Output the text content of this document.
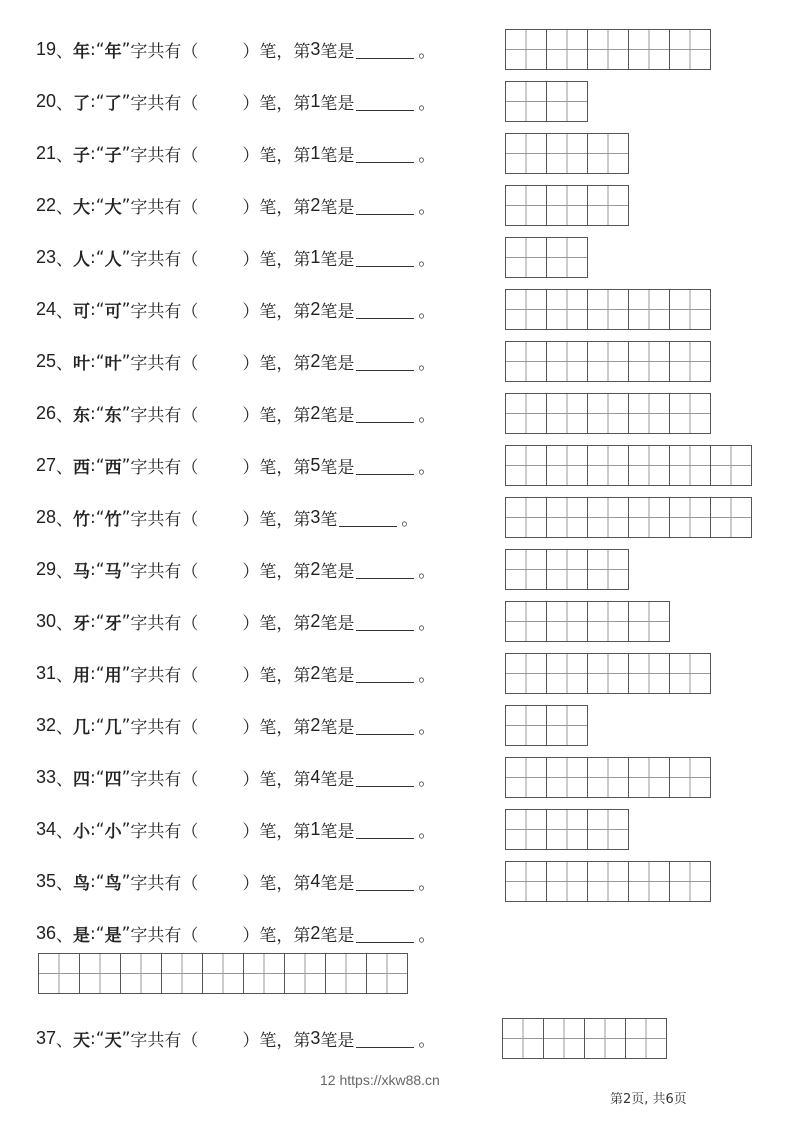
19 、 年 : “ 年 ” 字共有（	）笔，第 3 笔是	。
20 、 了 : “ 了 ” 字共有（	）笔，第 1 笔是	。
21 、 子 : “ 子 ” 字共有（	）笔，第 1 笔是	。
22 、 大 : “ 大 ” 字共有（	）笔，第 2 笔是	。
23 、 人 : “ 人 ” 字共有（	）笔，第 1 笔是	。
24 、 可 : “ 可 ” 字共有（	）笔，第 2 笔是	。
25 、 叶 : “ 叶 ” 字共有（	）笔，第 2 笔是	。
26 、 东 : “ 东 ” 字共有（	）笔，第 2 笔是	。
27 、 西 : “ 西 ” 字共有（	）笔，第 5 笔是	。
28 、 竹 : “ 竹 ” 字共有（	）笔，第 3 笔	。
29 、 马 : “ 马 ” 字共有（	）笔，第 2 笔是	。
30 、 牙 : “ 牙 ” 字共有（	）笔，第 2 笔是	。
31 、 用 : “ 用 ” 字共有（	）笔，第 2 笔是	。
32 、 几 : “ 几 ” 字共有（	）笔，第 2 笔是	。
33 、 四 : “ 四 ” 字共有（	）笔，第 4 笔是	。
34 、 小 : “ 小 ” 字共有（	）笔，第 1 笔是	。
35 、 鸟 : “ 鸟 ” 字共有（	）笔，第 4 笔是	。
36 、 是 : “ 是 ” 字共有（	）笔，第 2 笔是	。
37 、 天 : “ 天 ” 字共有（	）笔，第 3 笔是	。
12 https://xkw88.cn
第2页, 共6页
